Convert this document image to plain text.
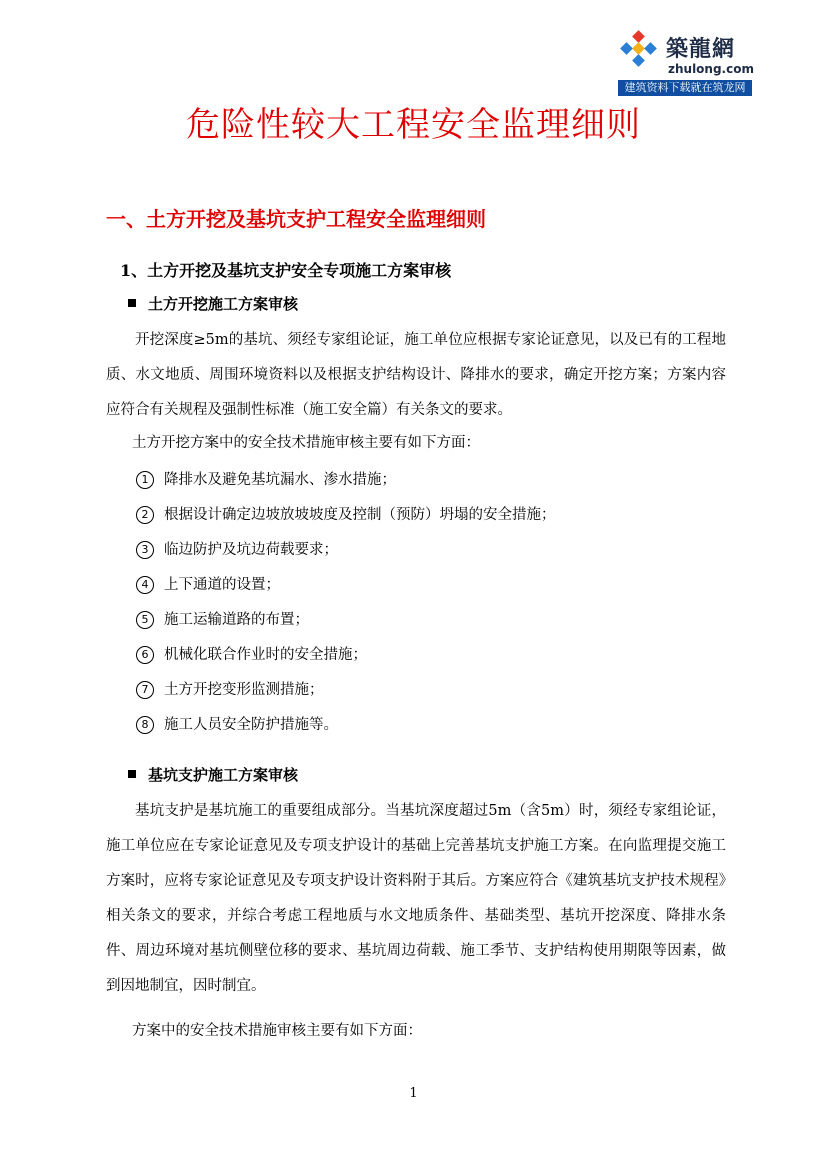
築龍網
zhulong.com
建筑资料下载就在筑龙网
危险性较大工程安全监理细则
一、土方开挖及基坑支护工程安全监理细则
1、土方开挖及基坑支护安全专项施工方案审核
土方开挖施工方案审核
开挖深度≥5m的基坑、须经专家组论证，施工单位应根据专家论证意见，以及已有的工程地质、水文地质、周围环境资料以及根据支护结构设计、降排水的要求，确定开挖方案；方案内容应符合有关规程及强制性标准（施工安全篇）有关条文的要求。
土方开挖方案中的安全技术措施审核主要有如下方面：
1 降排水及避免基坑漏水、渗水措施；
2 根据设计确定边坡放坡坡度及控制（预防）坍塌的安全措施；
3 临边防护及坑边荷载要求；
4 上下通道的设置；
5 施工运输道路的布置；
6 机械化联合作业时的安全措施；
7 土方开挖变形监测措施；
8 施工人员安全防护措施等。
基坑支护施工方案审核
基坑支护是基坑施工的重要组成部分。当基坑深度超过5m（含5m）时，须经专家组论证，施工单位应在专家论证意见及专项支护设计的基础上完善基坑支护施工方案。在向监理提交施工方案时，应将专家论证意见及专项支护设计资料附于其后。方案应符合《建筑基坑支护技术规程》相关条文的要求，并综合考虑工程地质与水文地质条件、基础类型、基坑开挖深度、降排水条件、周边环境对基坑侧壁位移的要求、基坑周边荷载、施工季节、支护结构使用期限等因素，做到因地制宜，因时制宜。
方案中的安全技术措施审核主要有如下方面：
1
